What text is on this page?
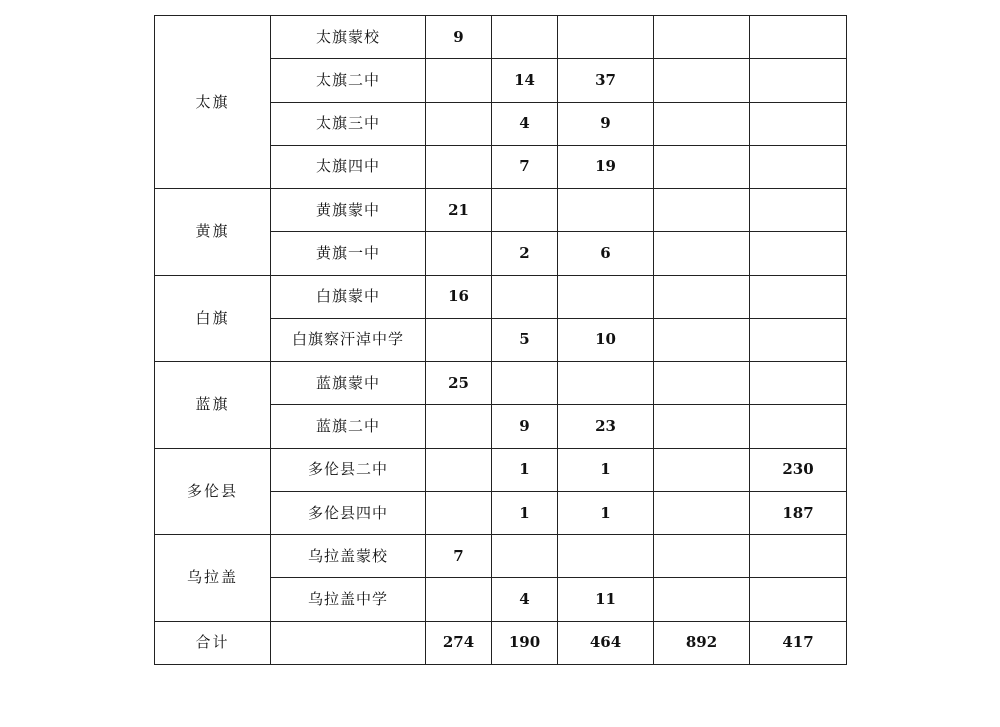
太旗	太旗蒙校	9				
	太旗二中		14	37		
	太旗三中		4	9		
	太旗四中		7	19		
黄旗	黄旗蒙中	21				
	黄旗一中		2	6		
白旗	白旗蒙中	16				
	白旗察汗淖中学		5	10		
蓝旗	蓝旗蒙中	25				
	蓝旗二中		9	23		
多伦县	多伦县二中		1	1		230
	多伦县四中		1	1		187
乌拉盖	乌拉盖蒙校	7				
	乌拉盖中学		4	11		
合计		274	190	464	892	417
